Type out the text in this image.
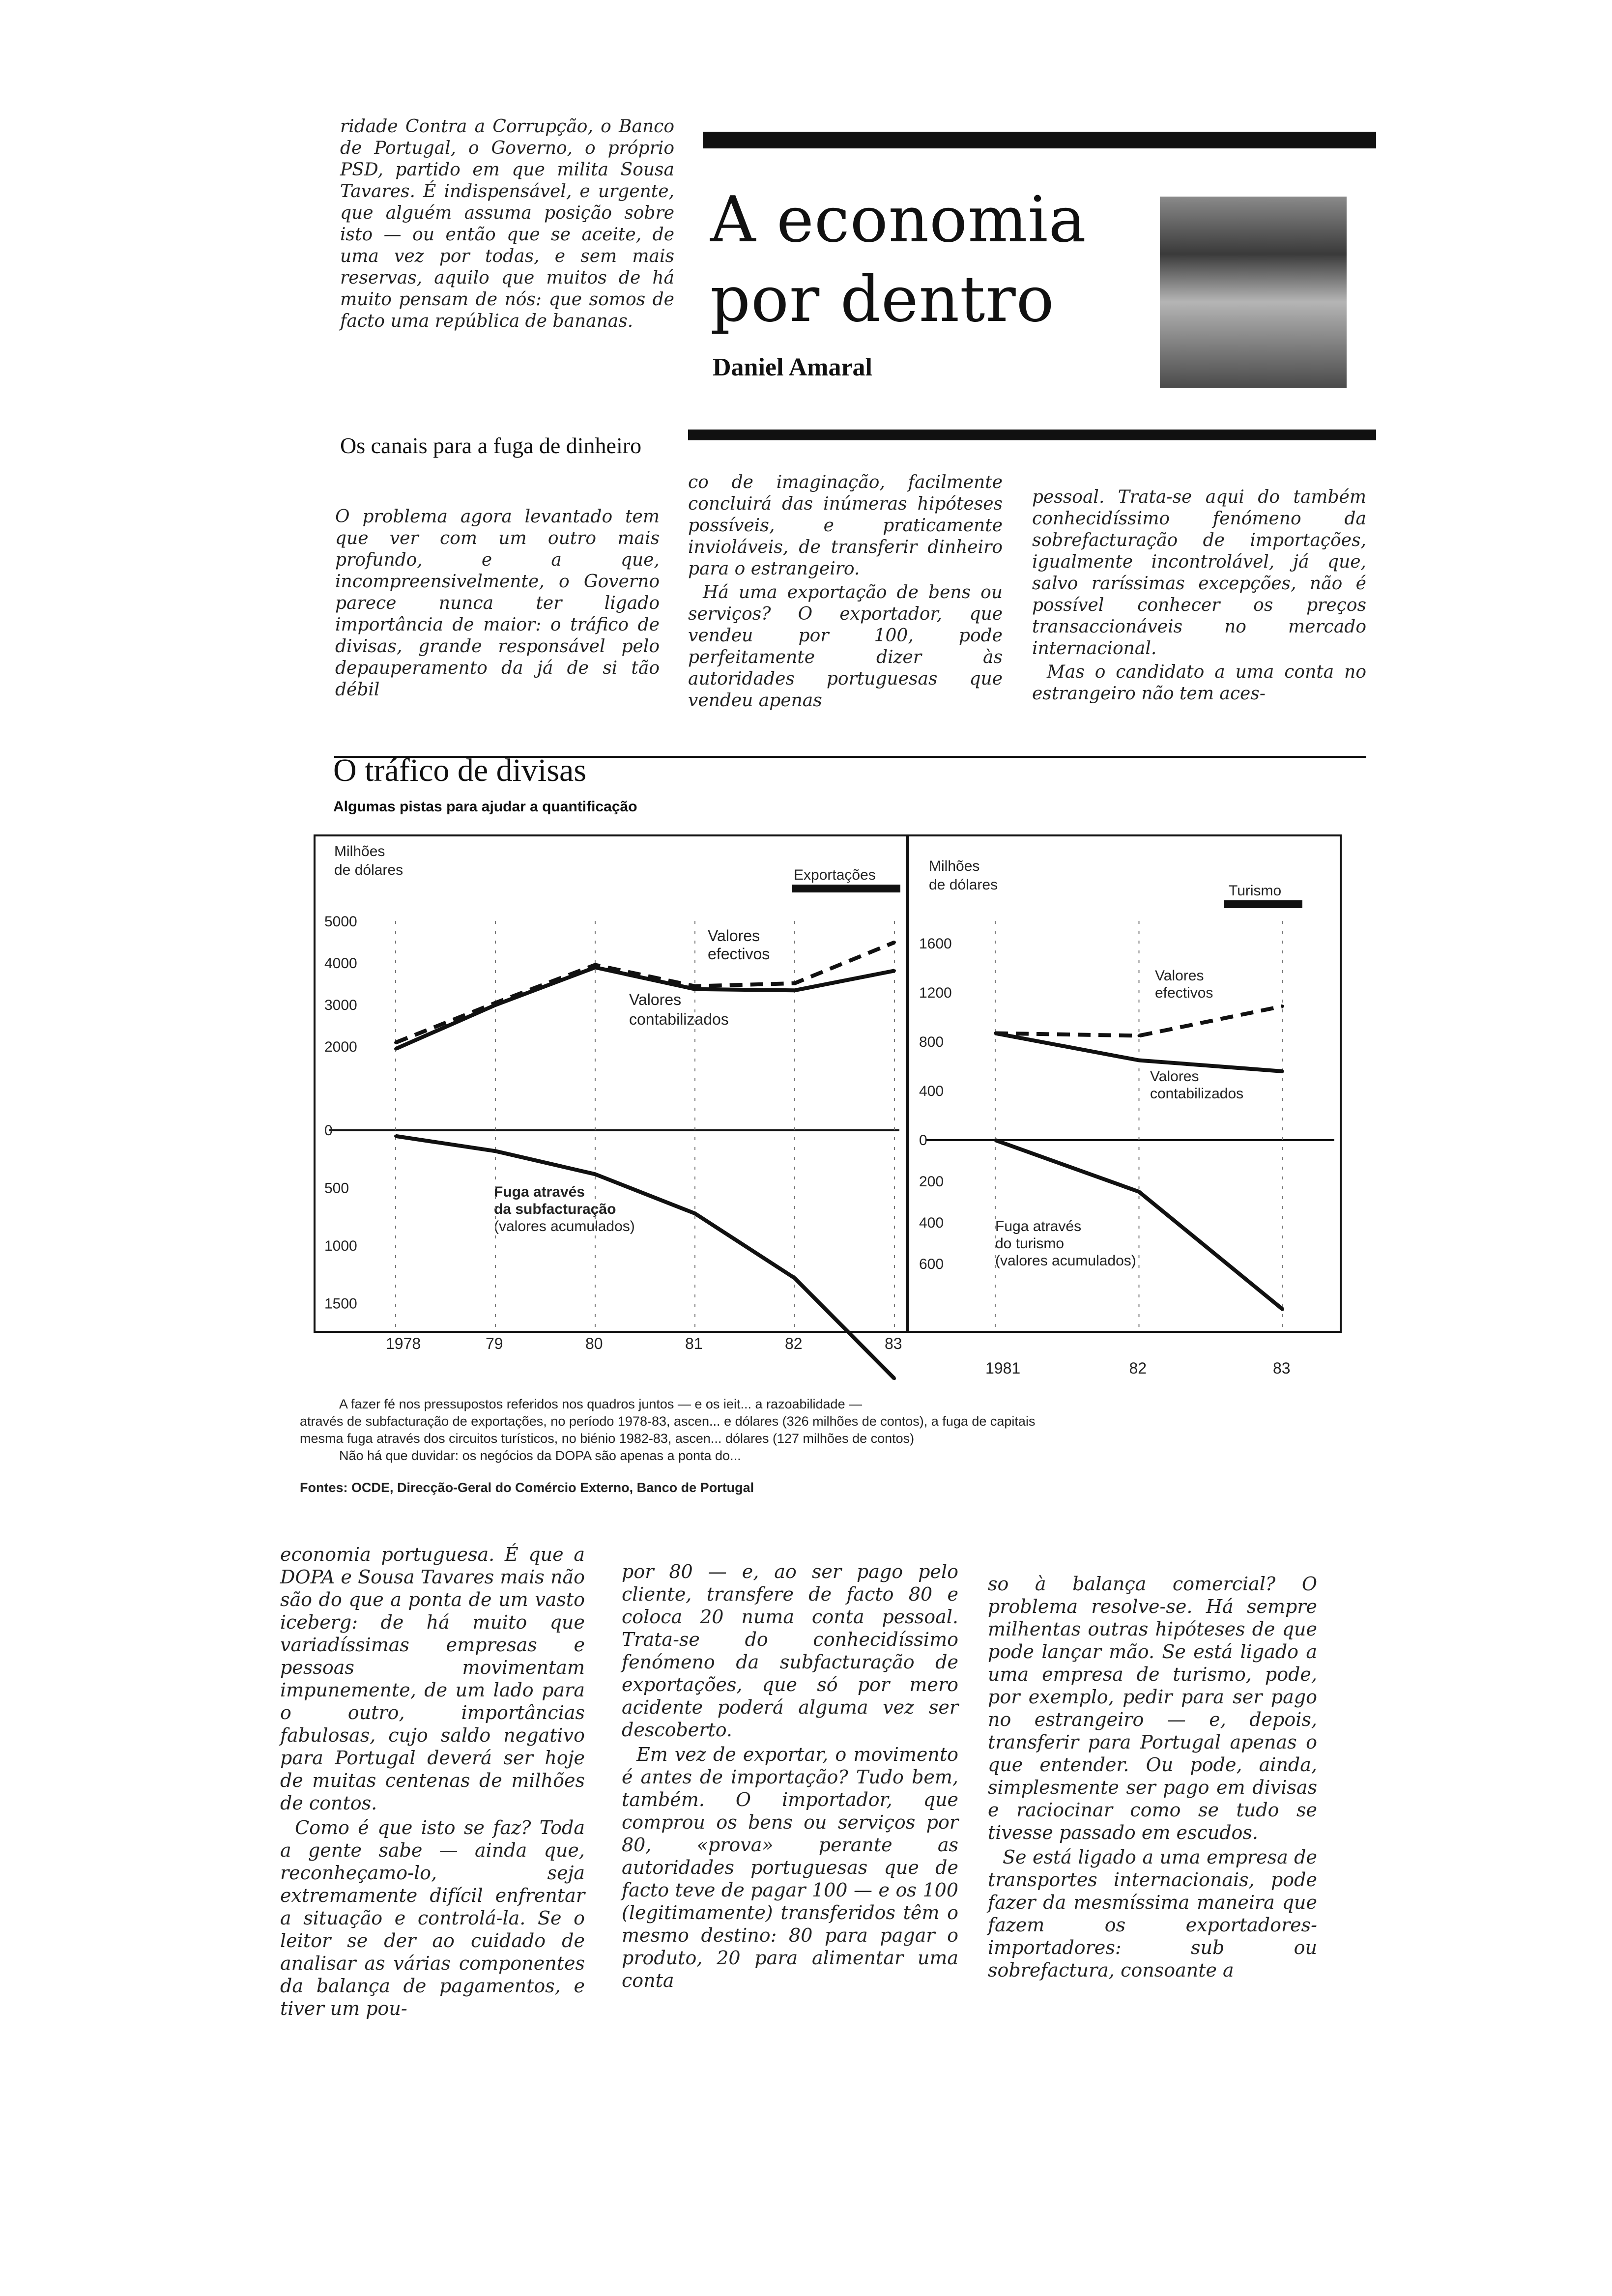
ridade Contra a Corrupção, o Banco de Portugal, o Governo, o próprio PSD, partido em que milita Sousa Tavares. É indispensável, e urgente, que alguém assuma posição sobre isto — ou então que se aceite, de uma vez por todas, e sem mais reservas, aquilo que muitos de há muito pensam de nós: que somos de facto uma república de bananas.

A economia
por dentro
Daniel Amaral
Os canais para a fuga de dinheiro

O problema agora levantado tem que ver com um outro mais profundo, e a que, incompreensivelmente, o Governo parece nunca ter ligado importância de maior: o tráfico de divisas, grande responsável pelo depauperamento da já de si tão débil

co de imaginação, facilmente concluirá das inúmeras hipóteses possíveis, e praticamente invioláveis, de transferir dinheiro para o estrangeiro.

Há uma exportação de bens ou serviços? O exportador, que vendeu por 100, pode perfeitamente dizer às autoridades portuguesas que vendeu apenas

pessoal. Trata-se aqui do também conhecidíssimo fenómeno da sobrefacturação de importações, igualmente incontrolável, já que, salvo raríssimas excepções, não é possível conhecer os preços transaccionáveis no mercado internacional.

Mas o candidato a uma conta no estrangeiro não tem aces-

O tráfico de divisas
Algumas pistas para ajudar a quantificação
Milhões
de dólares	Exportações
Milhões
de dólares	Turismo
Valores
efectivos
Valores
contabilizados
Fuga através
da subfacturação
(valores acumulados)
Valores
efectivos
Valores
contabilizados
Fuga através
do turismo
(valores acumulados)
5000
4000
3000
2000
0
500
1000
1500
1978	79	80	81	82	83
1600
1200
800
400
0
200
400
600
1981	82	83
A fazer fé nos pressupostos referidos nos quadros juntos — e os ieit... a razoabilidade —
através de subfacturação de exportações, no período 1978-83, ascen... e dólares (326 milhões de contos), a fuga de capitais
mesma fuga através dos circuitos turísticos, no biénio 1982-83, ascen... dólares (127 milhões de contos)
Não há que duvidar: os negócios da DOPA são apenas a ponta do...
Fontes: OCDE, Direcção-Geral do Comércio Externo, Banco de Portugal

economia portuguesa. É que a DOPA e Sousa Tavares mais não são do que a ponta de um vasto iceberg: de há muito que variadíssimas empresas e pessoas movimentam impunemente, de um lado para o outro, importâncias fabulosas, cujo saldo negativo para Portugal deverá ser hoje de muitas centenas de milhões de contos.

Como é que isto se faz? Toda a gente sabe — ainda que, reconheçamo-lo, seja extremamente difícil enfrentar a situação e controlá-la. Se o leitor se der ao cuidado de analisar as várias componentes da balança de pagamentos, e tiver um pou-

por 80 — e, ao ser pago pelo cliente, transfere de facto 80 e coloca 20 numa conta pessoal. Trata-se do conhecidíssimo fenómeno da subfacturação de exportações, que só por mero acidente poderá alguma vez ser descoberto.

Em vez de exportar, o movimento é antes de importação? Tudo bem, também. O importador, que comprou os bens ou serviços por 80, «prova» perante as autoridades portuguesas que de facto teve de pagar 100 — e os 100 (legitimamente) transferidos têm o mesmo destino: 80 para pagar o produto, 20 para alimentar uma conta

so à balança comercial? O problema resolve-se. Há sempre milhentas outras hipóteses de que pode lançar mão. Se está ligado a uma empresa de turismo, pode, por exemplo, pedir para ser pago no estrangeiro — e, depois, transferir para Portugal apenas o que entender. Ou pode, ainda, simplesmente ser pago em divisas e raciocinar como se tudo se tivesse passado em escudos.

Se está ligado a uma empresa de transportes internacionais, pode fazer da mesmíssima maneira que fazem os exportadores-importadores: sub ou sobrefactura, consoante a
